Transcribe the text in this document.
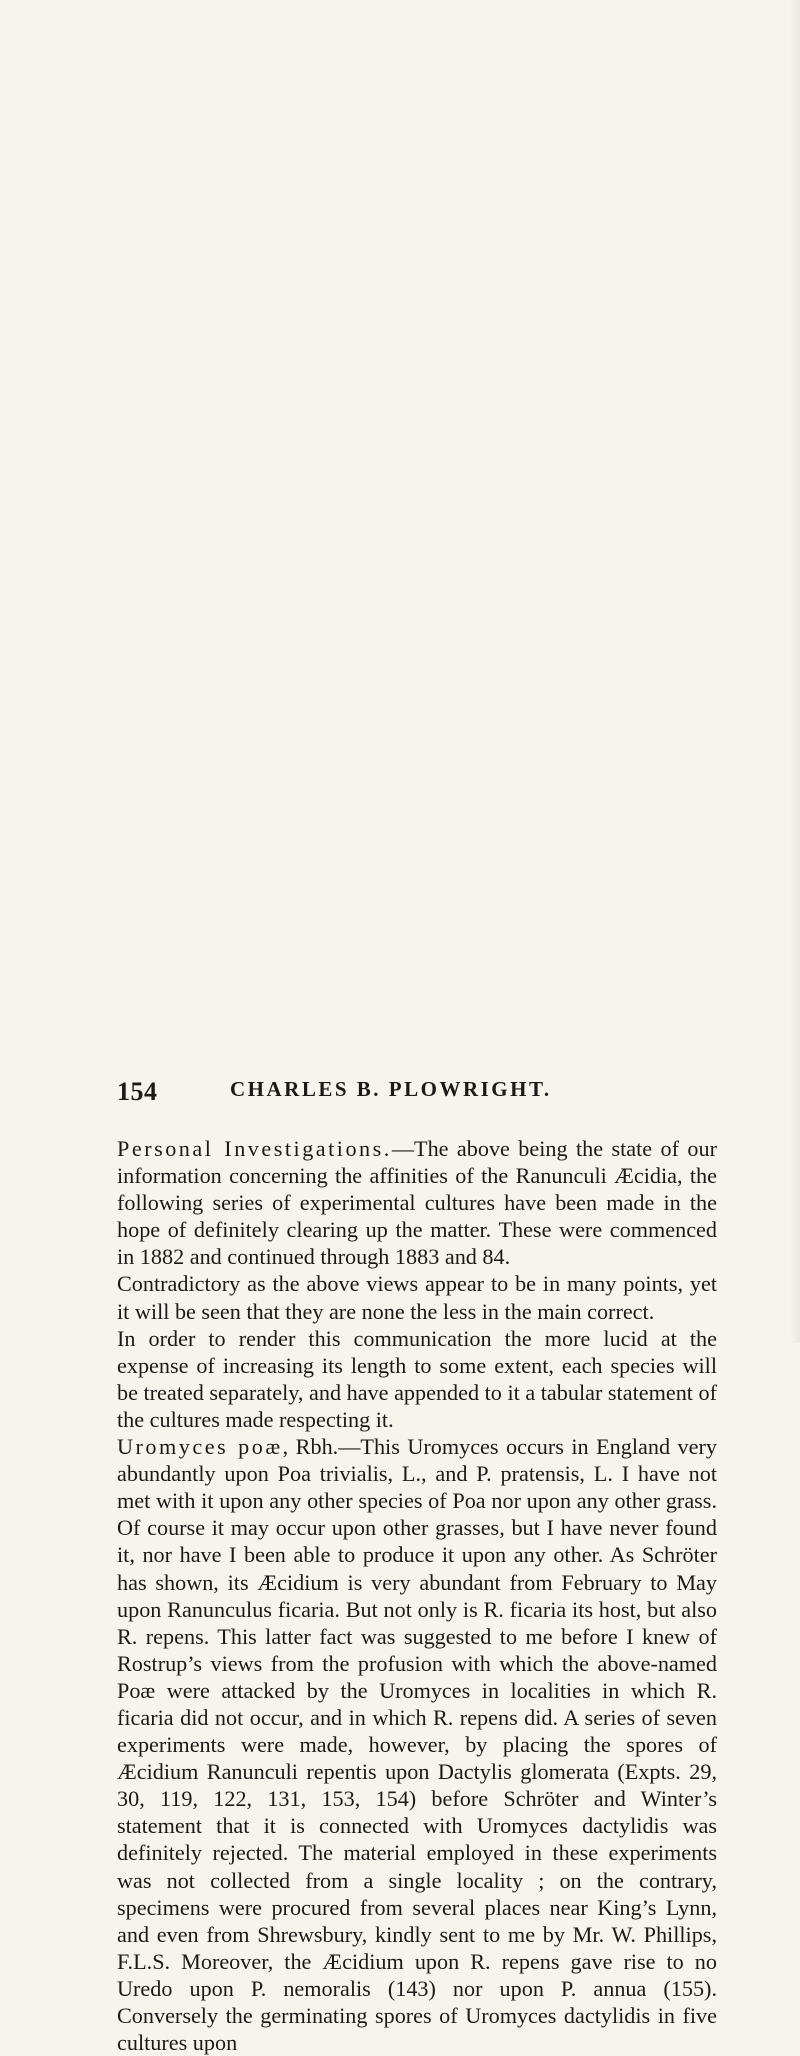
154	CHARLES B. PLOWRIGHT.

Personal Investigations.—The above being the state of our information concerning the affinities of the Ranunculi Æcidia, the following series of experimental cultures have been made in the hope of definitely clearing up the matter. These were commenced in 1882 and continued through 1883 and 84.

Contradictory as the above views appear to be in many points, yet it will be seen that they are none the less in the main correct.

In order to render this communication the more lucid at the expense of increasing its length to some extent, each species will be treated separately, and have appended to it a tabular statement of the cultures made respecting it.

Uromyces poæ, Rbh.—This Uromyces occurs in England very abundantly upon Poa trivialis, L., and P. pratensis, L. I have not met with it upon any other species of Poa nor upon any other grass. Of course it may occur upon other grasses, but I have never found it, nor have I been able to produce it upon any other. As Schröter has shown, its Æcidium is very abundant from February to May upon Ranunculus ficaria. But not only is R. ficaria its host, but also R. repens. This latter fact was suggested to me before I knew of Rostrup’s views from the profusion with which the above-named Poæ were attacked by the Uromyces in localities in which R. ficaria did not occur, and in which R. repens did. A series of seven experiments were made, however, by placing the spores of Æcidium Ranunculi repentis upon Dactylis glomerata (Expts. 29, 30, 119, 122, 131, 153, 154) before Schröter and Winter’s statement that it is connected with Uromyces dactylidis was definitely rejected. The material employed in these experiments was not collected from a single locality ; on the contrary, specimens were procured from several places near King’s Lynn, and even from Shrewsbury, kindly sent to me by Mr. W. Phillips, F.L.S. Moreover, the Æcidium upon R. repens gave rise to no Uredo upon P. nemoralis (143) nor upon P. annua (155). Conversely the germinating spores of Uromyces dactylidis in five cultures upon
